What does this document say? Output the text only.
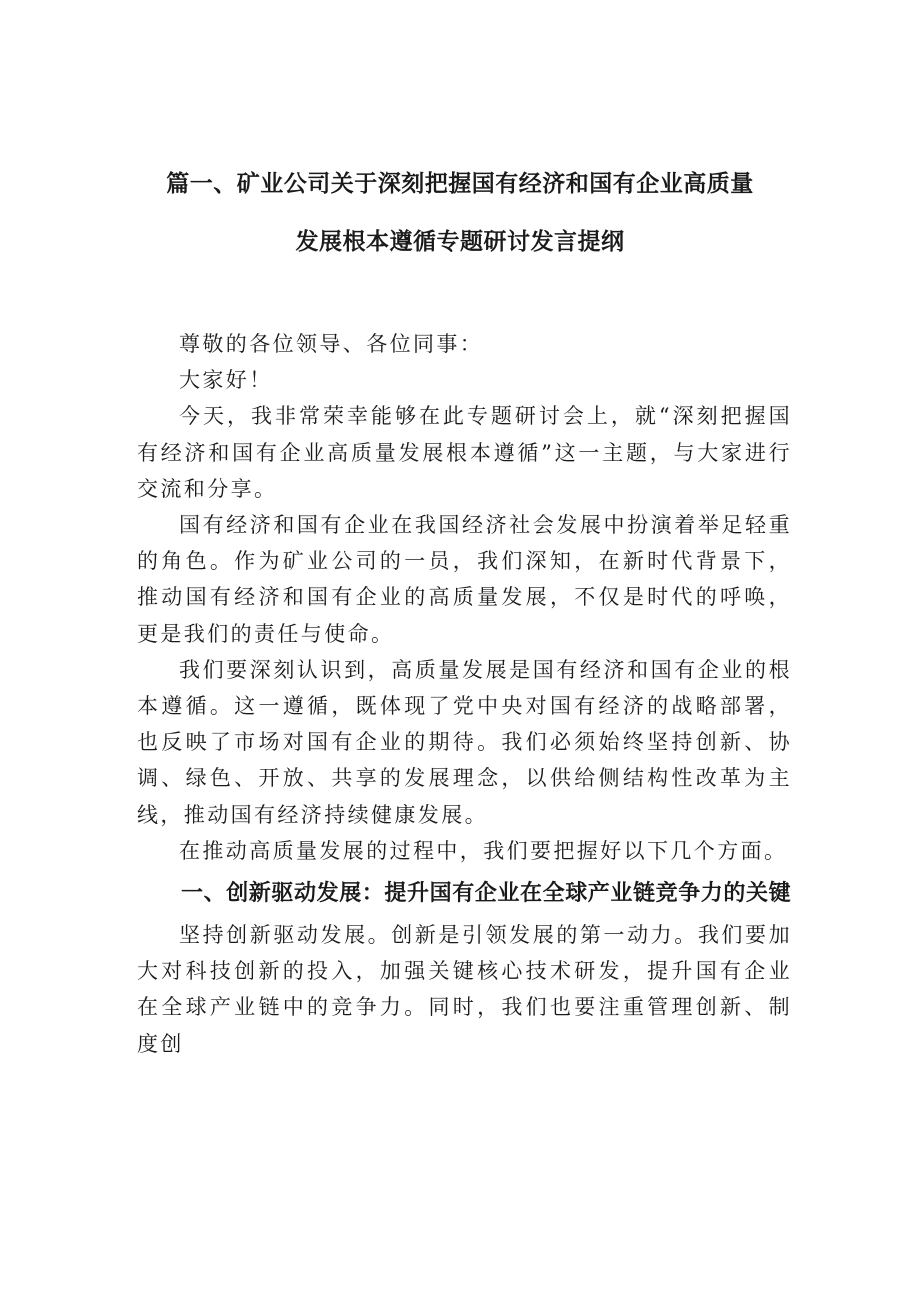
篇一、矿业公司关于深刻把握国有经济和国有企业高质量
发展根本遵循专题研讨发言提纲

尊敬的各位领导、各位同事：

大家好！

今天，我非常荣幸能够在此专题研讨会上，就“深刻把握国有经济和国有企业高质量发展根本遵循”这一主题，与大家进行交流和分享。

国有经济和国有企业在我国经济社会发展中扮演着举足轻重的角色。作为矿业公司的一员，我们深知，在新时代背景下，推动国有经济和国有企业的高质量发展，不仅是时代的呼唤，更是我们的责任与使命。

我们要深刻认识到，高质量发展是国有经济和国有企业的根本遵循。这一遵循，既体现了党中央对国有经济的战略部署，也反映了市场对国有企业的期待。我们必须始终坚持创新、协调、绿色、开放、共享的发展理念，以供给侧结构性改革为主线，推动国有经济持续健康发展。

在推动高质量发展的过程中，我们要把握好以下几个方面。

一、创新驱动发展：提升国有企业在全球产业链竞争力的关键

坚持创新驱动发展。创新是引领发展的第一动力。我们要加大对科技创新的投入，加强关键核心技术研发，提升国有企业在全球产业链中的竞争力。同时，我们也要注重管理创新、制度创
